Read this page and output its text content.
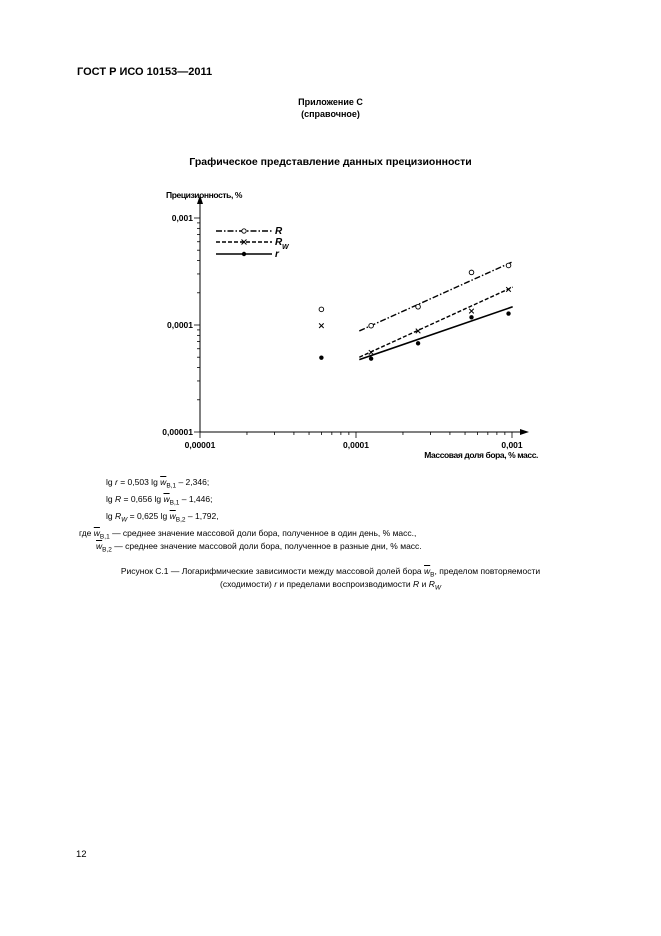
ГОСТ Р ИСО 10153—2011
Приложение С
(справочное)
Графическое представление данных прецизионности
0,00001	0,0001	0,001
0,00001
0,0001
0,001
R
R W
r
Прецизионность, %
Массовая доля бора, % масс.
lg r = 0,503 $\lg \overline{w}_{B,1} - 2,346$;
lg R = 0,656 $\lg \overline{w}_{B,1} - 1,446$;
$\lg R_W = 0,625$ $\lg \overline{w}_{B,2} - 1,792$,
где $\overline{w}_{B,1}$ — среднее значение массовой доли бора, полученное в один день, % масс.,
$\overline{w}_{B,2}$ — среднее значение массовой доли бора, полученное в разные дни, % масс.
Рисунок С.1 — Логарифмические зависимости между массовой долей бора $\overline{w}_B$, пределом повторяемости
(сходимости) r и пределами воспроизводимости R и $R_W$
12
